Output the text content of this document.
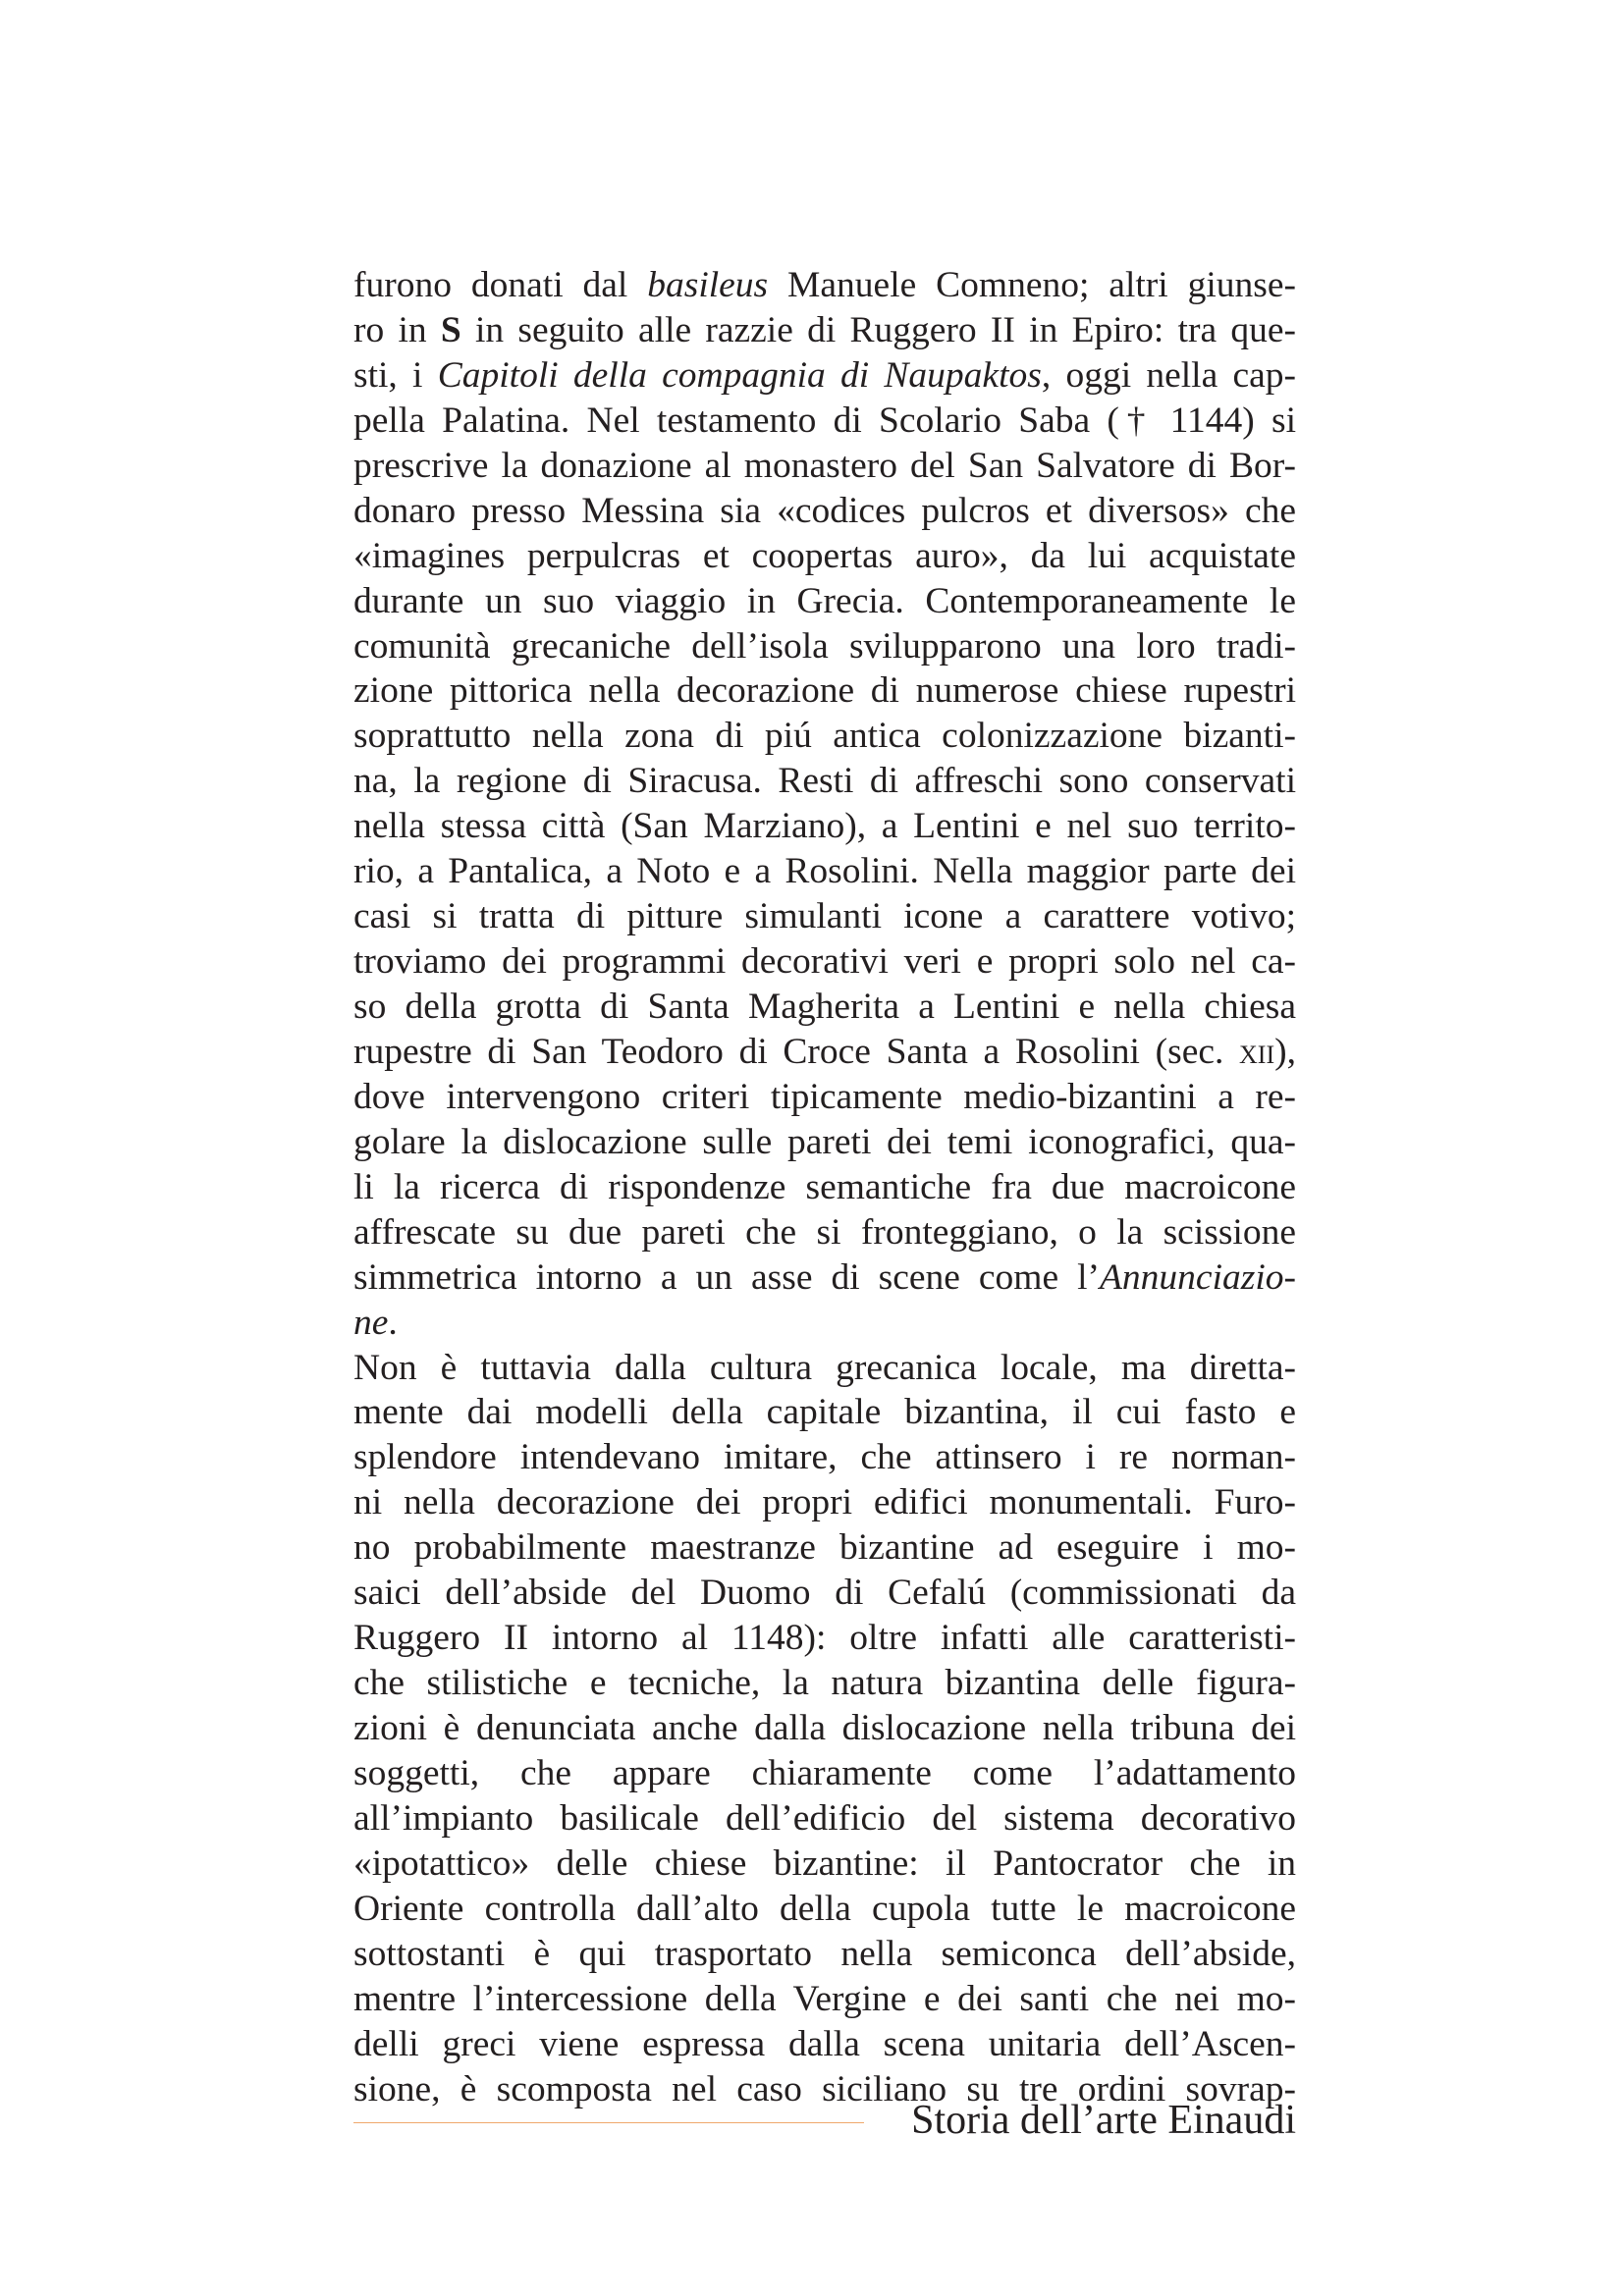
furono donati dal basileus Manuele Comneno; altri giunse-
ro in S in seguito alle razzie di Ruggero II in Epiro: tra que-
sti, i Capitoli della compagnia di Naupaktos, oggi nella cap-
pella Palatina. Nel testamento di Scolario Saba († 1144) si
prescrive la donazione al monastero del San Salvatore di Bor-
donaro presso Messina sia «codices pulcros et diversos» che
«imagines perpulcras et coopertas auro», da lui acquistate
durante un suo viaggio in Grecia. Contemporaneamente le
comunità grecaniche dell’isola svilupparono una loro tradi-
zione pittorica nella decorazione di numerose chiese rupestri
soprattutto nella zona di piú antica colonizzazione bizanti-
na, la regione di Siracusa. Resti di affreschi sono conservati
nella stessa città (San Marziano), a Lentini e nel suo territo-
rio, a Pantalica, a Noto e a Rosolini. Nella maggior parte dei
casi si tratta di pitture simulanti icone a carattere votivo;
troviamo dei programmi decorativi veri e propri solo nel ca-
so della grotta di Santa Magherita a Lentini e nella chiesa
rupestre di San Teodoro di Croce Santa a Rosolini (sec. xii),
dove intervengono criteri tipicamente medio-bizantini a re-
golare la dislocazione sulle pareti dei temi iconografici, qua-
li la ricerca di rispondenze semantiche fra due macroicone
affrescate su due pareti che si fronteggiano, o la scissione
simmetrica intorno a un asse di scene come l’Annunciazio-
ne.
Non è tuttavia dalla cultura grecanica locale, ma diretta-
mente dai modelli della capitale bizantina, il cui fasto e
splendore intendevano imitare, che attinsero i re norman-
ni nella decorazione dei propri edifici monumentali. Furo-
no probabilmente maestranze bizantine ad eseguire i mo-
saici dell’abside del Duomo di Cefalú (commissionati da
Ruggero II intorno al 1148): oltre infatti alle caratteristi-
che stilistiche e tecniche, la natura bizantina delle figura-
zioni è denunciata anche dalla dislocazione nella tribuna dei
soggetti, che appare chiaramente come l’adattamento
all’impianto basilicale dell’edificio del sistema decorativo
«ipotattico» delle chiese bizantine: il Pantocrator che in
Oriente controlla dall’alto della cupola tutte le macroicone
sottostanti è qui trasportato nella semiconca dell’abside,
mentre l’intercessione della Vergine e dei santi che nei mo-
delli greci viene espressa dalla scena unitaria dell’Ascen-
sione, è scomposta nel caso siciliano su tre ordini sovrap-
Storia dell’arte Einaudi
